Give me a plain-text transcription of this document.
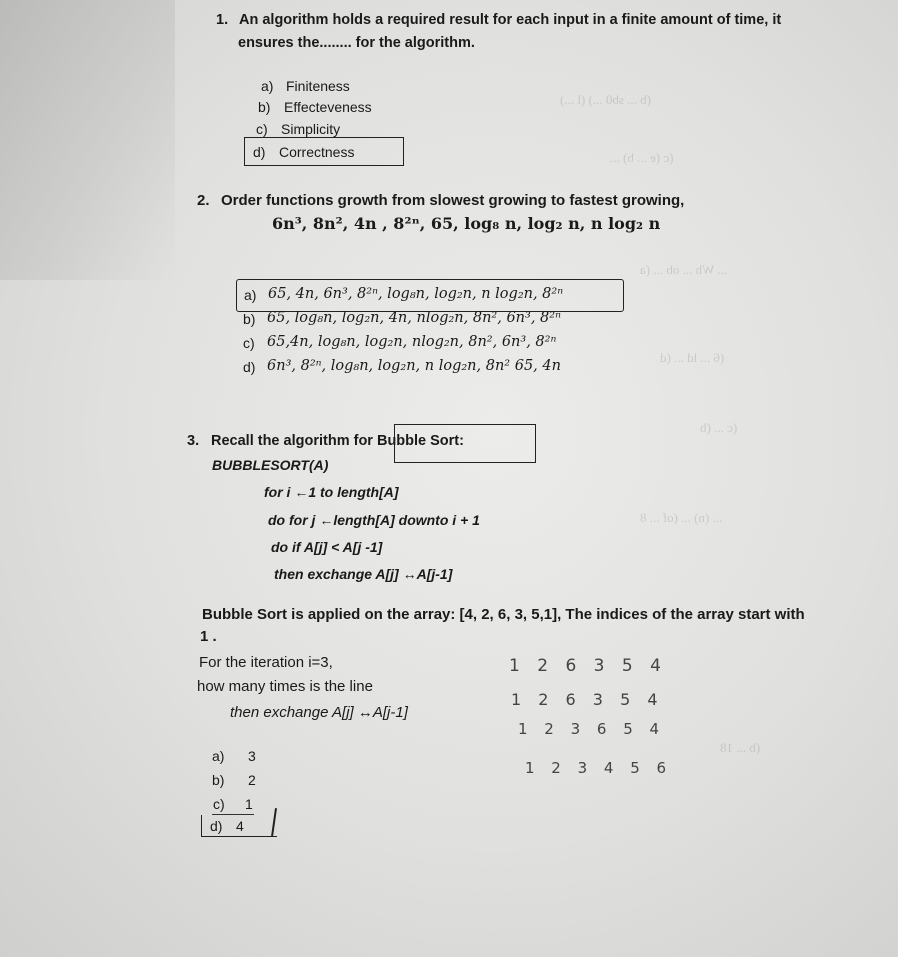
(b ... sb0 ...) (l ...)
(c (e ... b) ...
... Wh ... ob ... (a
(6 ... ld ... (d
(c ... (b
... (n) ... (of ... 8
(b ... 18
1. An algorithm holds a required result for each input in a finite amount of time, it
ensures the........ for the algorithm.
a) Finiteness
b) Effecteveness
c) Simplicity
d) Correctness
2. Order functions growth from slowest growing to fastest growing,
6n³, 8n², 4n , 8²ⁿ, 65, log₈ n, log₂ n, n log₂ n
a) 65, 4n, 6n³, 8²ⁿ, log₈n, log₂n, n log₂n, 8²ⁿ
b) 65, log₈n, log₂n, 4n, nlog₂n, 8n², 6n³, 8²ⁿ
c) 65,4n, log₈n, log₂n, nlog₂n, 8n², 6n³, 8²ⁿ
d) 6n³, 8²ⁿ, log₈n, log₂n, n log₂n, 8n² 65, 4n
3. Recall the algorithm for Bubble Sort:
BUBBLESORT(A)
for i ←1 to length[A]
do for j ←length[A] downto i + 1
do if A[j] < A[j -1]
then exchange A[j] ↔A[j-1]
Bubble Sort is applied on the array: [4, 2, 6, 3, 5,1], The indices of the array start with
1 .
For the iteration i=3,
how many times is the line
then exchange A[j] ↔A[j-1]
a) 3
b) 2
c) 1
d) 4
1 2 6 3 5 4
1 2 6 3 5 4
1 2 3 6 5 4
1 2 3 4 5 6
